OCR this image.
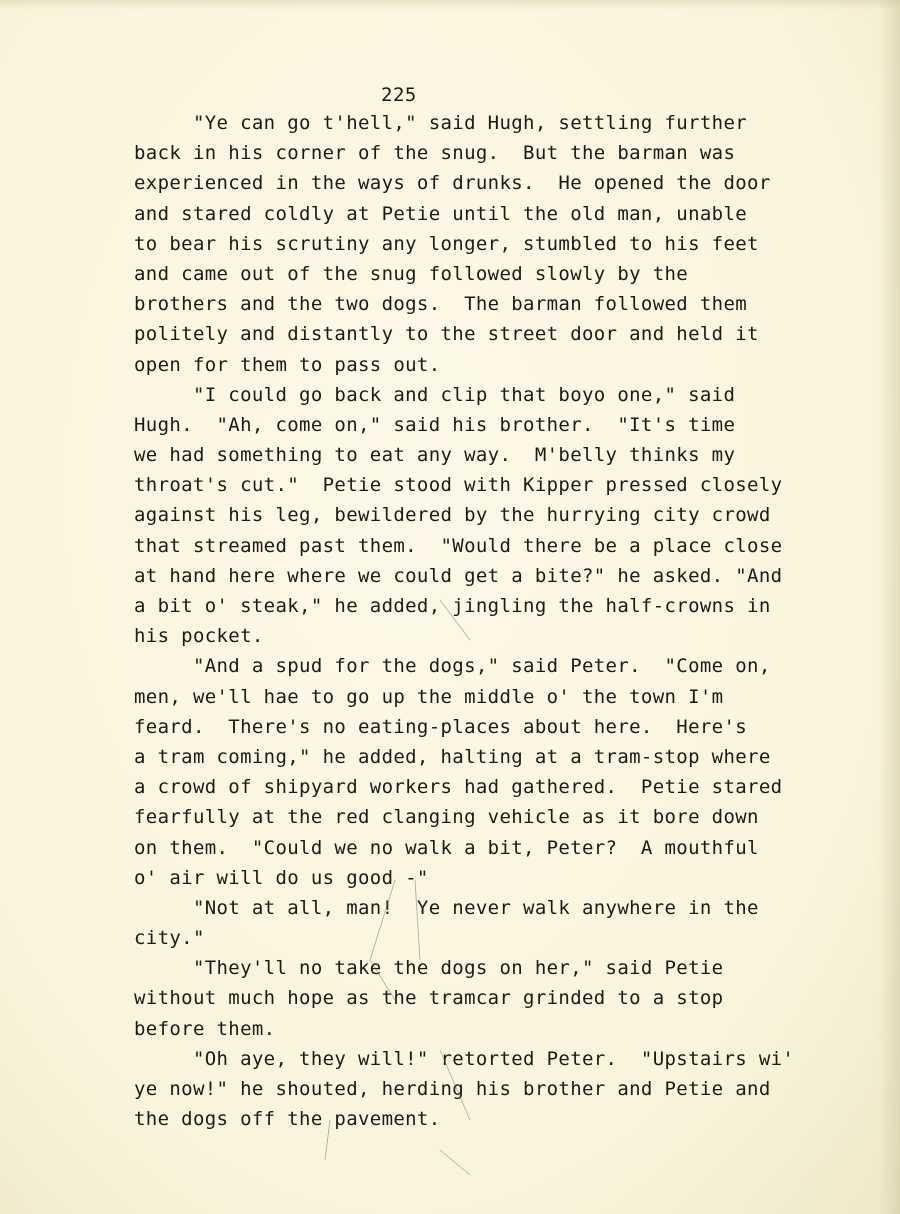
225
"Ye can go t'hell," said Hugh, settling further
back in his corner of the snug.  But the barman was
experienced in the ways of drunks.  He opened the door
and stared coldly at Petie until the old man, unable
to bear his scrutiny any longer, stumbled to his feet
and came out of the snug followed slowly by the
brothers and the two dogs.  The barman followed them
politely and distantly to the street door and held it
open for them to pass out.
"I could go back and clip that boyo one," said
Hugh.  "Ah, come on," said his brother.  "It's time
we had something to eat any way.  M'belly thinks my
throat's cut."  Petie stood with Kipper pressed closely
against his leg, bewildered by the hurrying city crowd
that streamed past them.  "Would there be a place close
at hand here where we could get a bite?" he asked. "And
a bit o' steak," he added, jingling the half-crowns in
his pocket.
"And a spud for the dogs," said Peter.  "Come on,
men, we'll hae to go up the middle o' the town I'm
feard.  There's no eating-places about here.  Here's
a tram coming," he added, halting at a tram-stop where
a crowd of shipyard workers had gathered.  Petie stared
fearfully at the red clanging vehicle as it bore down
on them.  "Could we no walk a bit, Peter?  A mouthful
o' air will do us good -"
"Not at all, man!  Ye never walk anywhere in the
city."
"They'll no take the dogs on her," said Petie
without much hope as the tramcar grinded to a stop
before them.
"Oh aye, they will!" retorted Peter.  "Upstairs wi'
ye now!" he shouted, herding his brother and Petie and
the dogs off the pavement.
